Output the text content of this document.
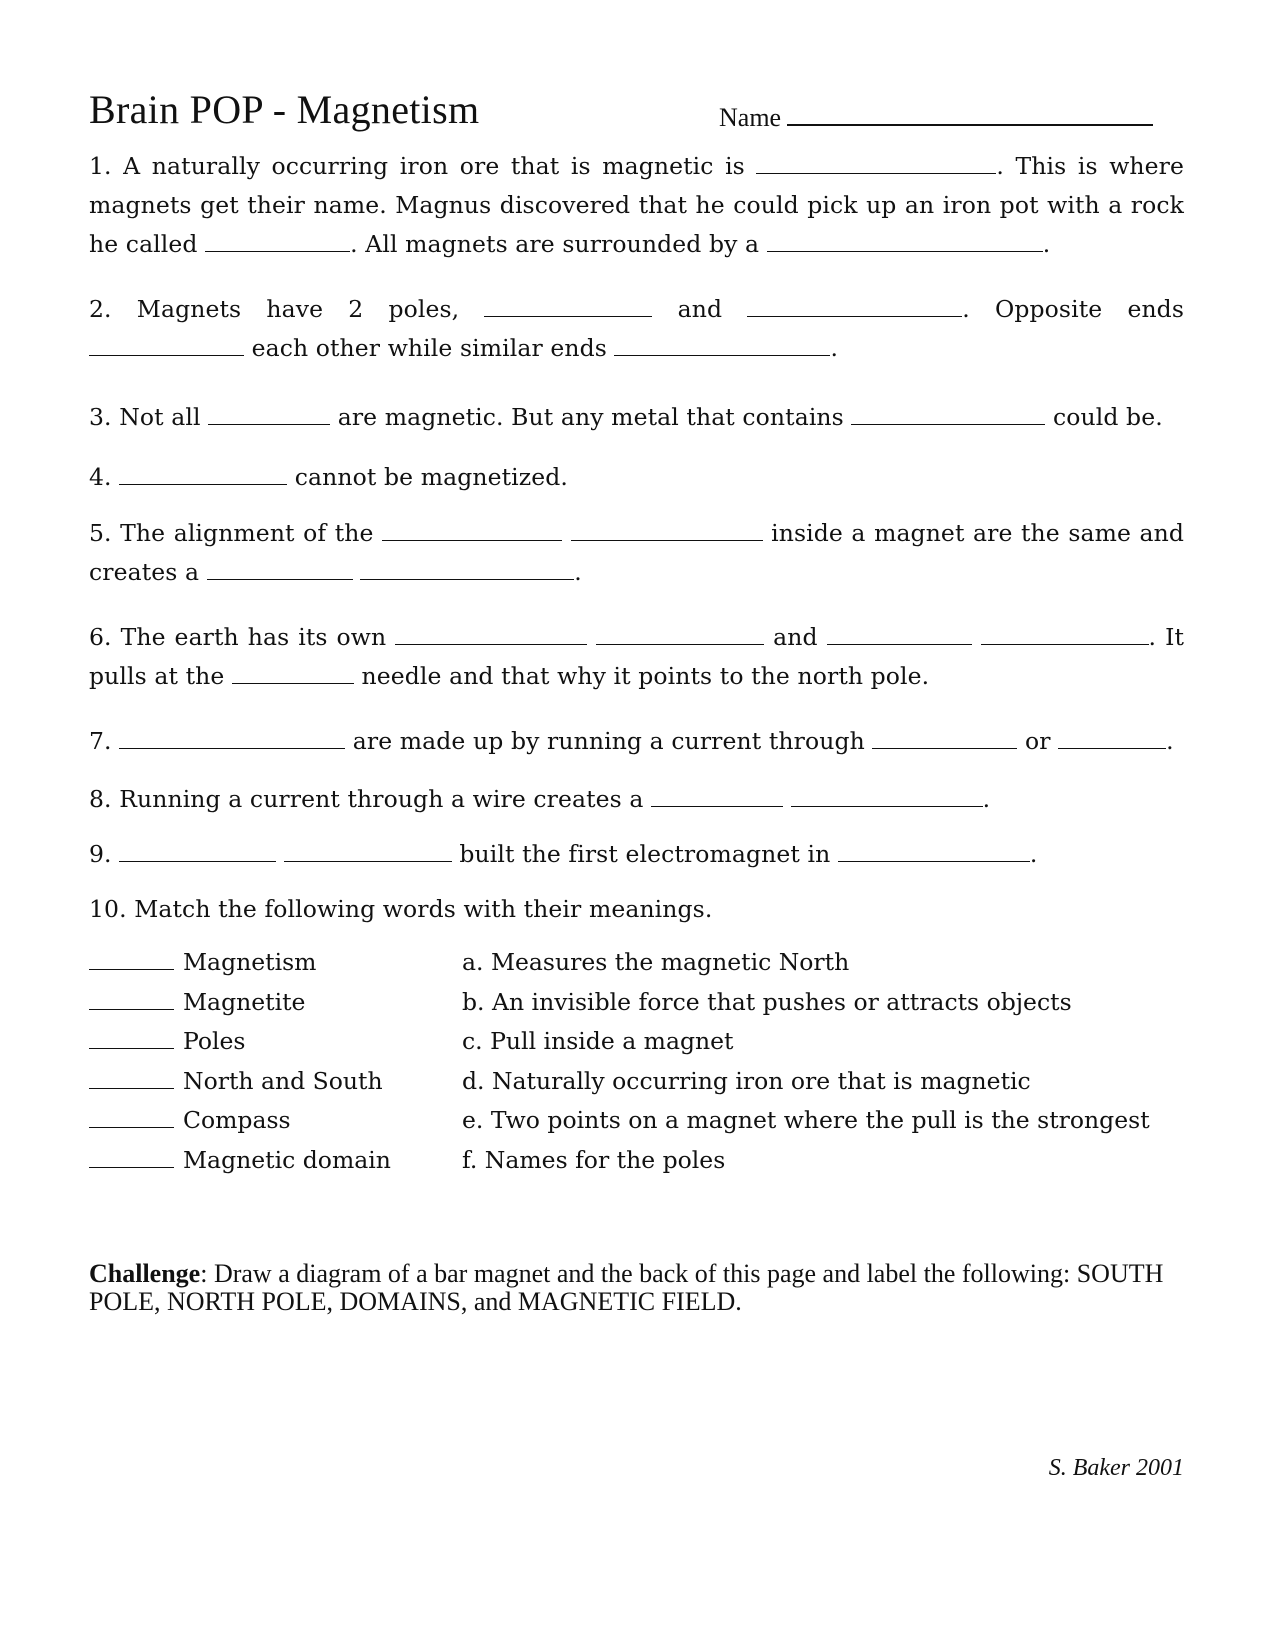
Brain POP - Magnetism	Name

1. A naturally occurring iron ore that is magnetic is	. This is where magnets get their name. Magnus discovered that he could pick up an iron pot with a rock he called	. All magnets are surrounded by a	.

2. Magnets have 2 poles,	and	. Opposite ends  each other while similar ends	.

3. Not all	are magnetic. But any metal that contains	could be.

4.	cannot be magnetized.

5. The alignment of the	inside a magnet are the same and creates a	.

6. The earth has its own	and	. It pulls at the	needle and that why it points to the north pole.

7.	are made up by running a current through	or	.

8. Running a current through a wire creates a	.

9.	built the first electromagnet in	.

10. Match the following words with their meanings.

Magnetism	a. Measures the magnetic North
Magnetite	b. An invisible force that pushes or attracts objects
Poles	c. Pull inside a magnet
North and South	d. Naturally occurring iron ore that is magnetic
Compass	e. Two points on a magnet where the pull is the strongest
Magnetic domain	f. Names for the poles

Challenge: Draw a diagram of a bar magnet and the back of this page and label the following: SOUTH POLE, NORTH POLE, DOMAINS, and MAGNETIC FIELD.

S. Baker 2001
